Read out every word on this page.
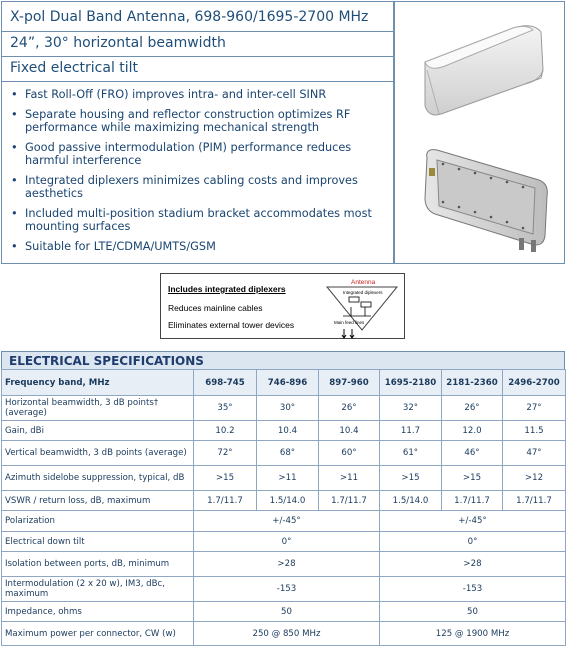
X-pol Dual Band Antenna, 698-960/1695-2700 MHz
24”, 30° horizontal beamwidth
Fixed electrical tilt
• Fast Roll-Off (FRO) improves intra- and inter-cell SINR
• Separate housing and reflector construction optimizes RF performance while maximizing mechanical strength
• Good passive intermodulation (PIM) performance reduces harmful interference
• Integrated diplexers minimizes cabling costs and improves aesthetics
• Included multi-position stadium bracket accommodates most mounting surfaces
• Suitable for LTE/CDMA/UMTS/GSM
Includes integrated diplexers
Reduces mainline cables
Eliminates external tower devices
Antenna
Integrated diplexers
Main feed lines
ELECTRICAL SPECIFICATIONS
Frequency band, MHz	698-745	746-896	897-960	1695-2180	2181-2360	2496-2700
Horizontal beamwidth, 3 dB points† (average)	35°	30°	26°	32°	26°	27°
Gain, dBi	10.2	10.4	10.4	11.7	12.0	11.5
Vertical beamwidth, 3 dB points (average)	72°	68°	60°	61°	46°	47°
Azimuth sidelobe suppression, typical, dB	>15	>11	>11	>15	>15	>12
VSWR / return loss, dB, maximum	1.7/11.7	1.5/14.0	1.7/11.7	1.5/14.0	1.7/11.7	1.7/11.7
Polarization	+/-45°			+/-45°		
Electrical down tilt	0°			0°		
Isolation between ports, dB, minimum	>28			>28		
Intermodulation (2 x 20 w), IM3, dBc, maximum	-153			-153		
Impedance, ohms	50			50		
Maximum power per connector, CW (w)	250 @ 850 MHz			125 @ 1900 MHz		
